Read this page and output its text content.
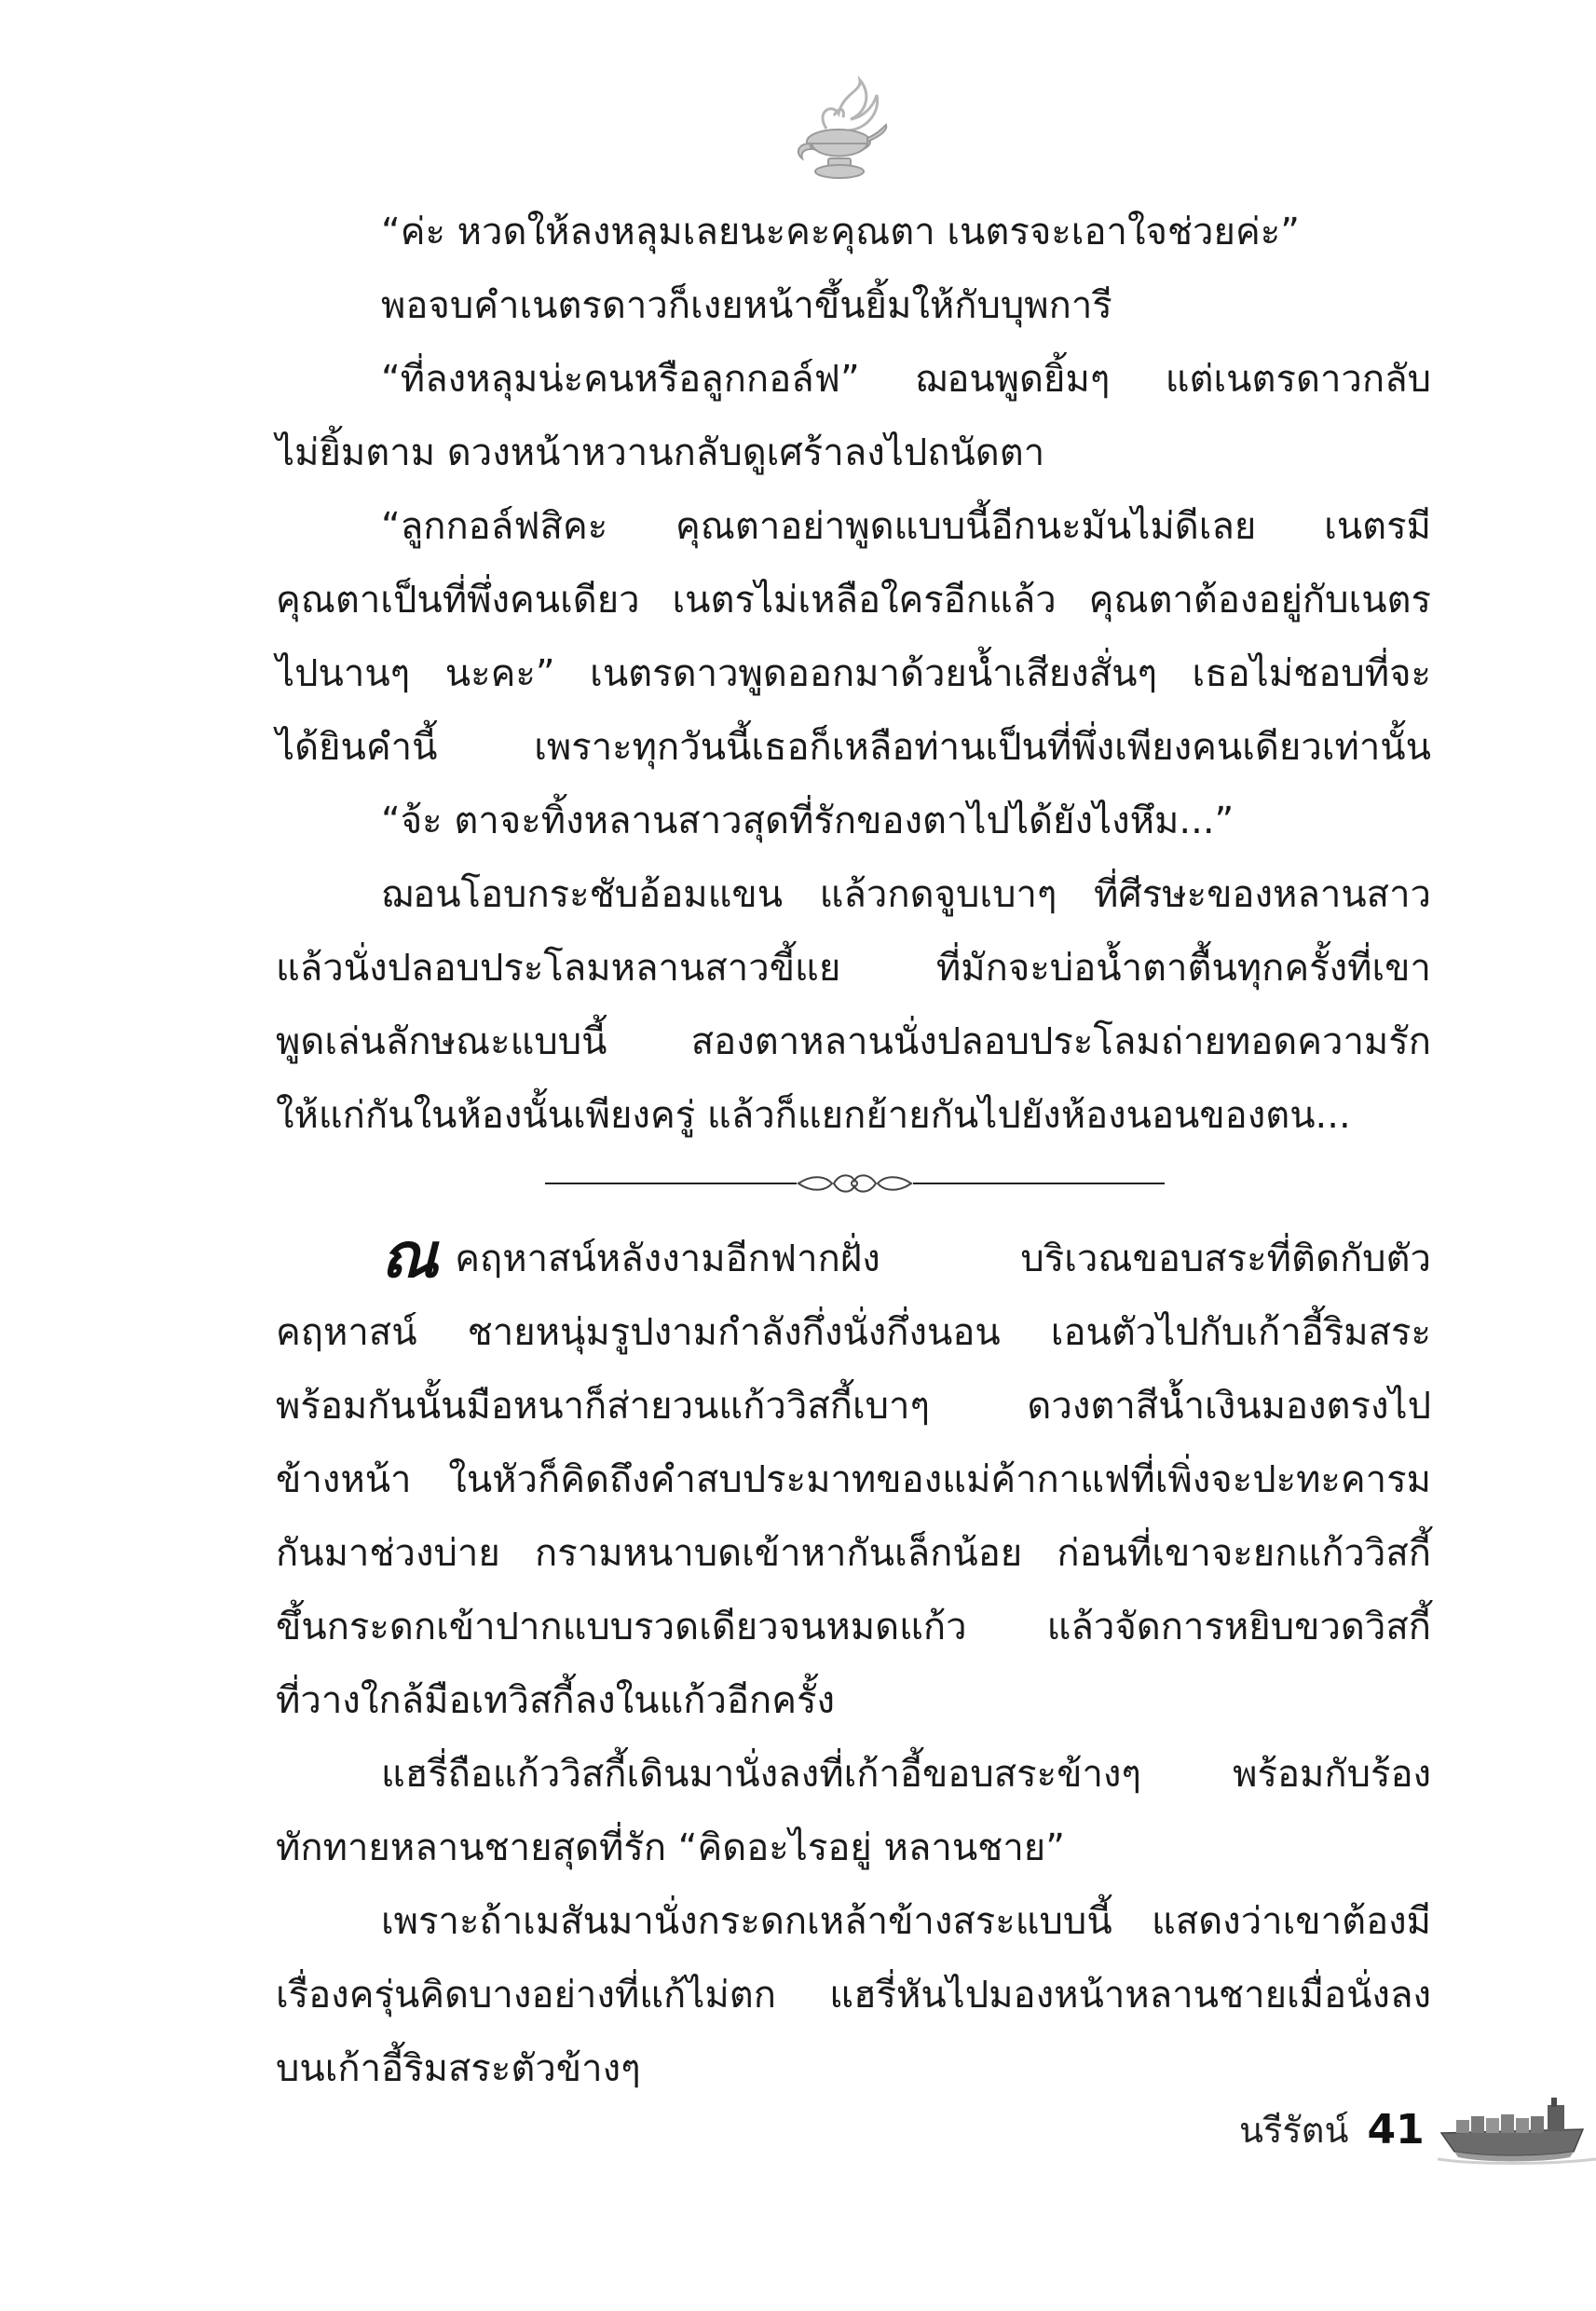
“ค่ะ หวดให้ลงหลุมเลยนะคะคุณตา เนตรจะเอาใจช่วยค่ะ”
พอจบคำเนตรดาวก็เงยหน้าขึ้นยิ้มให้กับบุพการี
“ที่ลงหลุมน่ะคนหรือลูกกอล์ฟ” ฌอนพูดยิ้มๆ แต่เนตรดาวกลับ
ไม่ยิ้มตาม ดวงหน้าหวานกลับดูเศร้าลงไปถนัดตา
“ลูกกอล์ฟสิคะ คุณตาอย่าพูดแบบนี้อีกนะมันไม่ดีเลย เนตรมี
คุณตาเป็นที่พึ่งคนเดียว เนตรไม่เหลือใครอีกแล้ว คุณตาต้องอยู่กับเนตร
ไปนานๆ นะคะ” เนตรดาวพูดออกมาด้วยน้ำเสียงสั่นๆ เธอไม่ชอบที่จะ
ได้ยินคำนี้ เพราะทุกวันนี้เธอก็เหลือท่านเป็นที่พึ่งเพียงคนเดียวเท่านั้น
“จ้ะ ตาจะทิ้งหลานสาวสุดที่รักของตาไปได้ยังไงหึม...”
ฌอนโอบกระชับอ้อมแขน แล้วกดจูบเบาๆ ที่ศีรษะของหลานสาว
แล้วนั่งปลอบประโลมหลานสาวขี้แย ที่มักจะบ่อน้ำตาตื้นทุกครั้งที่เขา
พูดเล่นลักษณะแบบนี้ สองตาหลานนั่งปลอบประโลมถ่ายทอดความรัก
ให้แก่กันในห้องนั้นเพียงครู่ แล้วก็แยกย้ายกันไปยังห้องนอนของตน...
ณคฤหาสน์หลังงามอีกฟากฝั่ง บริเวณขอบสระที่ติดกับตัว
คฤหาสน์ ชายหนุ่มรูปงามกำลังกึ่งนั่งกึ่งนอน เอนตัวไปกับเก้าอี้ริมสระ
พร้อมกันนั้นมือหนาก็ส่ายวนแก้ววิสกี้เบาๆ ดวงตาสีน้ำเงินมองตรงไป
ข้างหน้า ในหัวก็คิดถึงคำสบประมาทของแม่ค้ากาแฟที่เพิ่งจะปะทะคารม
กันมาช่วงบ่าย กรามหนาบดเข้าหากันเล็กน้อย ก่อนที่เขาจะยกแก้ววิสกี้
ขึ้นกระดกเข้าปากแบบรวดเดียวจนหมดแก้ว แล้วจัดการหยิบขวดวิสกี้
ที่วางใกล้มือเทวิสกี้ลงในแก้วอีกครั้ง
แฮรี่ถือแก้ววิสกี้เดินมานั่งลงที่เก้าอี้ขอบสระข้างๆ พร้อมกับร้อง
ทักทายหลานชายสุดที่รัก “คิดอะไรอยู่ หลานชาย”
เพราะถ้าเมสันมานั่งกระดกเหล้าข้างสระแบบนี้ แสดงว่าเขาต้องมี
เรื่องครุ่นคิดบางอย่างที่แก้ไม่ตก แฮรี่หันไปมองหน้าหลานชายเมื่อนั่งลง
บนเก้าอี้ริมสระตัวข้างๆ
นรีรัตน์ 41
